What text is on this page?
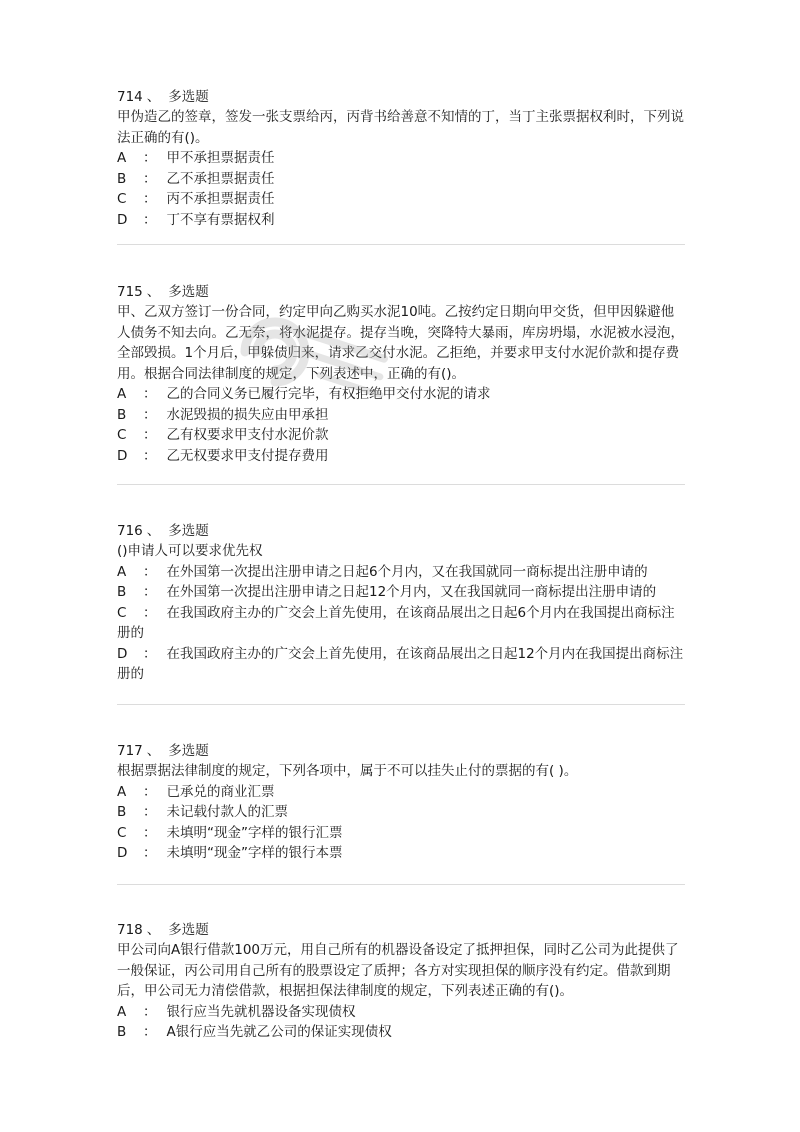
714 、 多选题

甲伪造乙的签章，签发一张支票给丙，丙背书给善意不知情的丁，当丁主张票据权利时，下列说法正确的有()。

A ： 甲不承担票据责任

B ： 乙不承担票据责任

C ： 丙不承担票据责任

D ： 丁不享有票据权利

715 、 多选题

甲、乙双方签订一份合同，约定甲向乙购买水泥10吨。乙按约定日期向甲交货，但甲因躲避他人债务不知去向。乙无奈，将水泥提存。提存当晚，突降特大暴雨，库房坍塌，水泥被水浸泡，全部毁损。1个月后，甲躲债归来，请求乙交付水泥。乙拒绝，并要求甲支付水泥价款和提存费用。根据合同法律制度的规定，下列表述中，正确的有()。

A ： 乙的合同义务已履行完毕，有权拒绝甲交付水泥的请求

B ： 水泥毁损的损失应由甲承担

C ： 乙有权要求甲支付水泥价款

D ： 乙无权要求甲支付提存费用

716 、 多选题

()申请人可以要求优先权

A ： 在外国第一次提出注册申请之日起6个月内，又在我国就同一商标提出注册申请的

B ： 在外国第一次提出注册申请之日起12个月内，又在我国就同一商标提出注册申请的

C ： 在我国政府主办的广交会上首先使用，在该商品展出之日起6个月内在我国提出商标注册的

D ： 在我国政府主办的广交会上首先使用，在该商品展出之日起12个月内在我国提出商标注册的

717 、 多选题

根据票据法律制度的规定，下列各项中，属于不可以挂失止付的票据的有( )。

A ： 已承兑的商业汇票

B ： 未记载付款人的汇票

C ： 未填明“现金”字样的银行汇票

D ： 未填明“现金”字样的银行本票

718 、 多选题

甲公司向A银行借款100万元，用自己所有的机器设备设定了抵押担保，同时乙公司为此提供了一般保证，丙公司用自己所有的股票设定了质押；各方对实现担保的顺序没有约定。借款到期后，甲公司无力清偿借款，根据担保法律制度的规定，下列表述正确的有()。

A ： 银行应当先就机器设备实现债权

B ： A银行应当先就乙公司的保证实现债权
